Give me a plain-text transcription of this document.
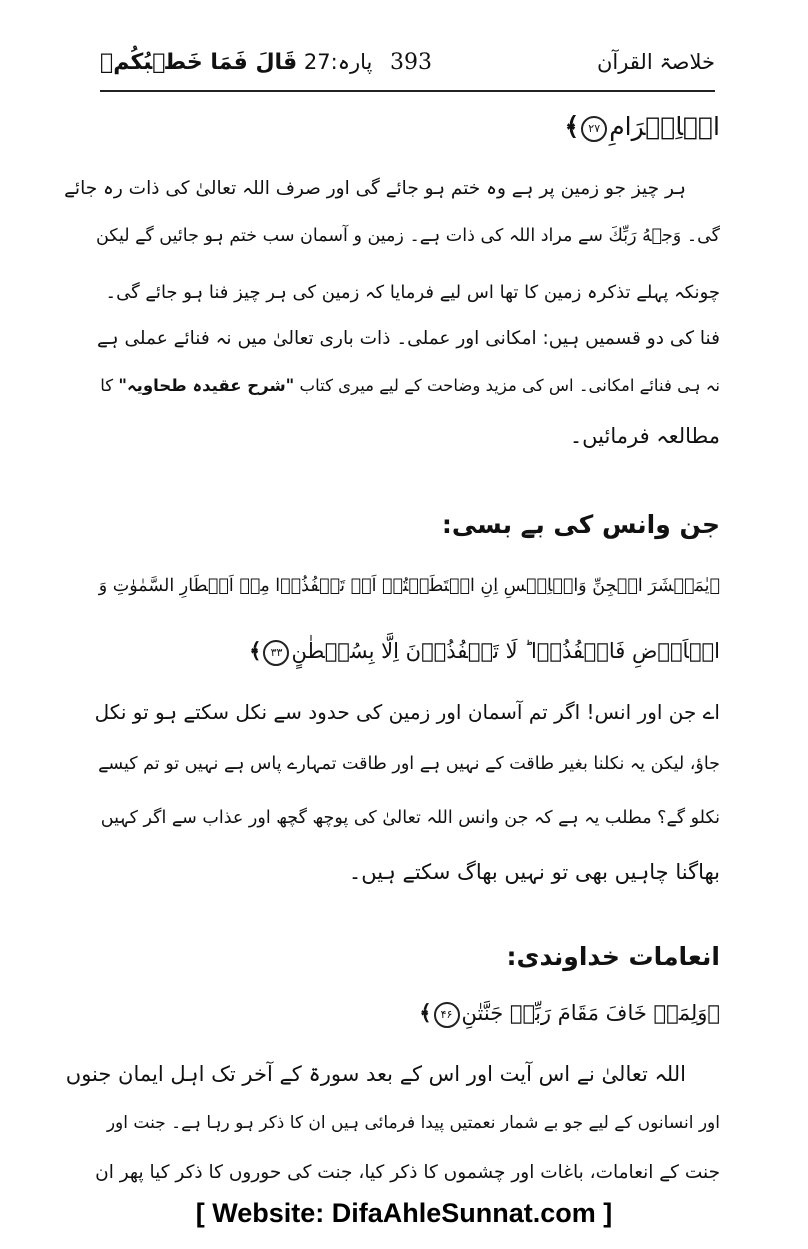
خلاصۃ القرآن
393
پارہ:27 قَالَ فَمَا خَطۡبُكُمۡ
الۡاِكۡرَامِ۲۷﴾
ہر چیز جو زمین پر ہے وہ ختم ہو جائے گی اور صرف اللہ تعالیٰ کی ذات رہ جائے
گی۔ وَجۡهُ رَبِّكَ سے مراد اللہ کی ذات ہے۔ زمین و آسمان سب ختم ہو جائیں گے لیکن
چونکہ پہلے تذکرہ زمین کا تھا اس لیے فرمایا کہ زمین کی ہر چیز فنا ہو جائے گی۔
فنا کی دو قسمیں ہیں: امکانی اور عملی۔ ذات باری تعالیٰ میں نہ فنائے عملی ہے
نہ ہی فنائے امکانی۔ اس کی مزید وضاحت کے لیے میری کتاب "شرح عقیدہ طحاویہ" کا
مطالعہ فرمائیں۔
جن وانس کی بے بسی:
﴿يٰمَعۡشَرَ الۡجِنِّ وَالۡاِنۡسِ اِنِ اسۡتَطَعۡتُمۡ اَنۡ تَنۡفُذُوۡا مِنۡ اَقۡطَارِ السَّمٰوٰتِ وَ
الۡاَرۡضِ فَانۡفُذُوۡا ؕ لَا تَنۡفُذُوۡنَ اِلَّا بِسُلۡطٰنٍ۳۳﴾
اے جن اور انس! اگر تم آسمان اور زمین کی حدود سے نکل سکتے ہو تو نکل
جاؤ، لیکن یہ نکلنا بغیر طاقت کے نہیں ہے اور طاقت تمہارے پاس ہے نہیں تو تم کیسے
نکلو گے؟ مطلب یہ ہے کہ جن وانس اللہ تعالیٰ کی پوچھ گچھ اور عذاب سے اگر کہیں
بھاگنا چاہیں بھی تو نہیں بھاگ سکتے ہیں۔
انعامات خداوندی:
﴿وَلِمَنۡ خَافَ مَقَامَ رَبِّهٖ جَنَّتٰنِ۴۶﴾
اللہ تعالیٰ نے اس آیت اور اس کے بعد سورۃ کے آخر تک اہل ایمان جنوں
اور انسانوں کے لیے جو بے شمار نعمتیں پیدا فرمائی ہیں ان کا ذکر ہو رہا ہے۔ جنت اور
جنت کے انعامات، باغات اور چشموں کا ذکر کیا، جنت کی حوروں کا ذکر کیا پھر ان
[ Website: DifaAhleSunnat.com ]
